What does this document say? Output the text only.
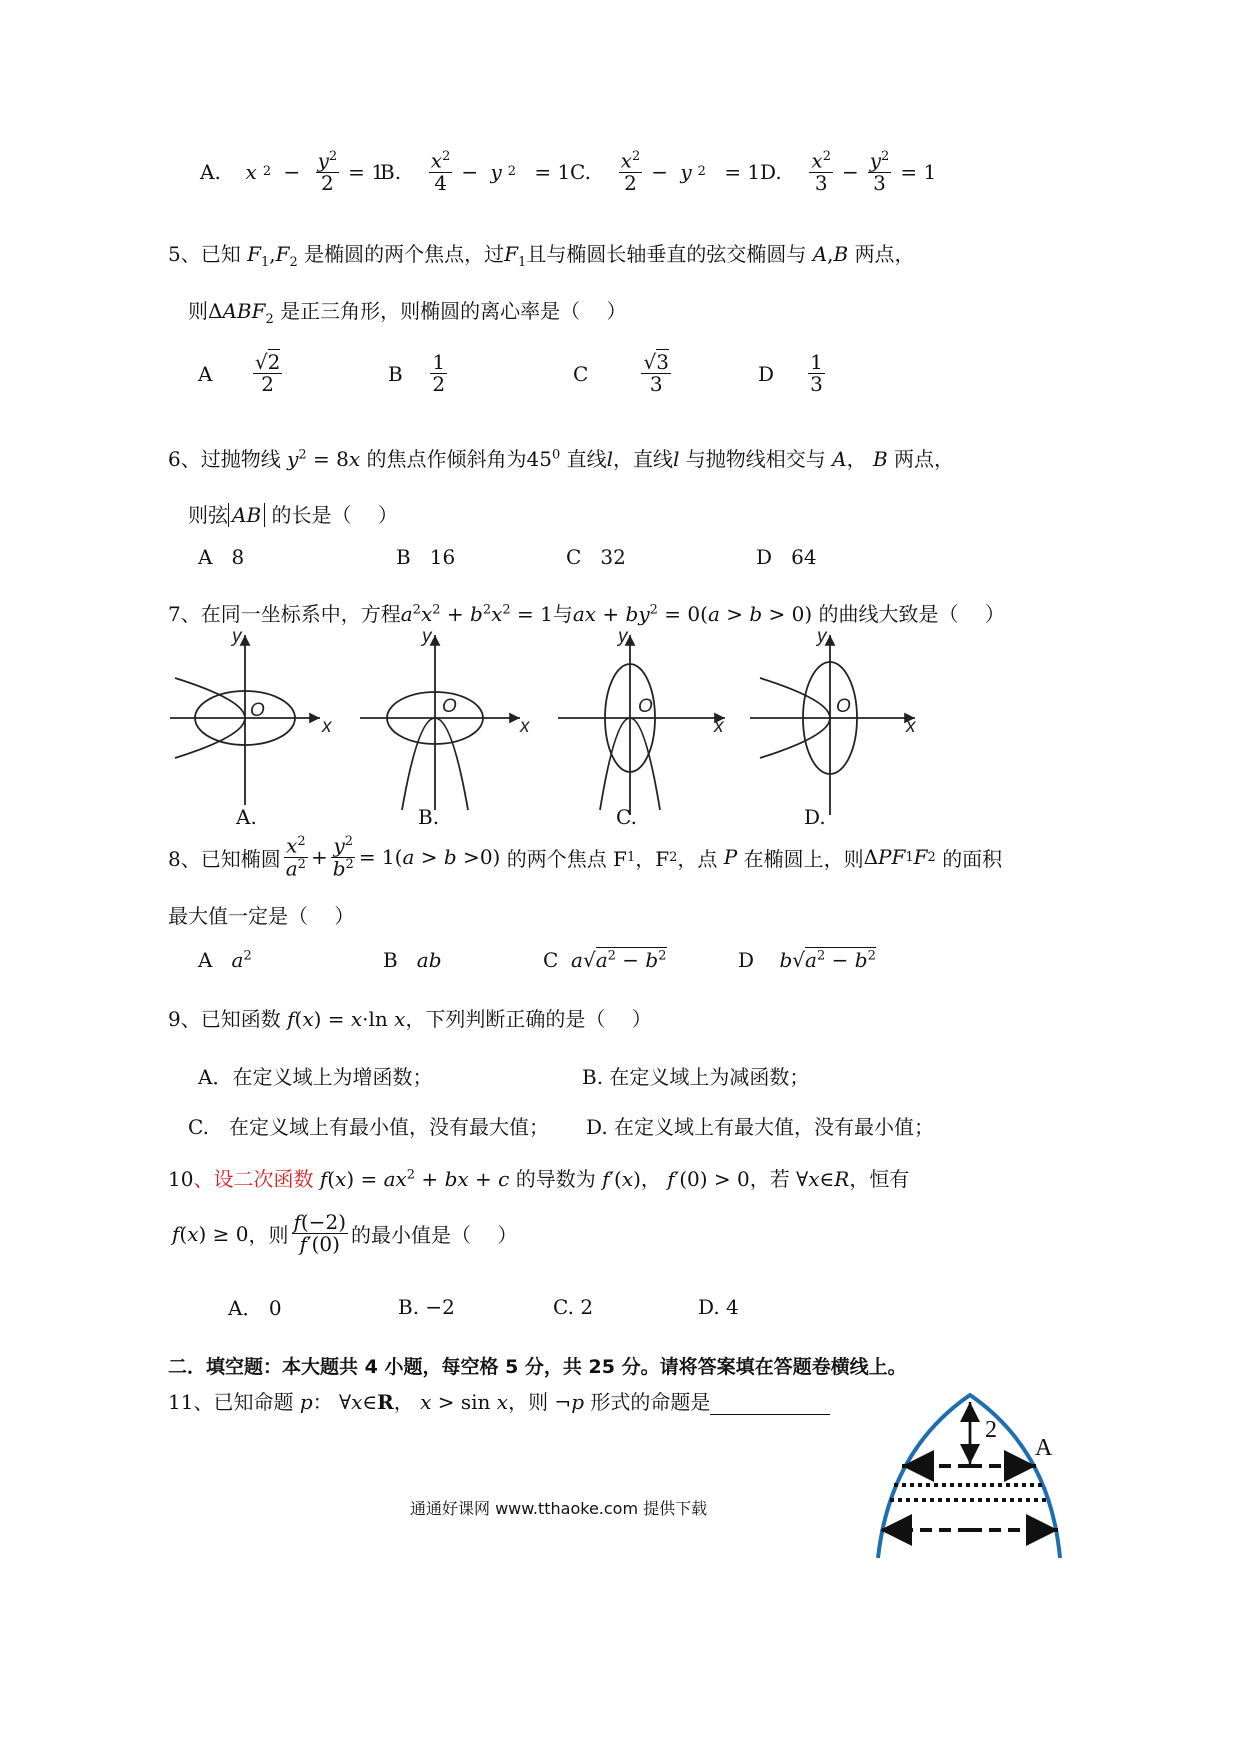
A.
x $2 - \frac{y^2}{2} = 1$
B.
$\frac{x^2}{4} - y$ 2
= 1 C.
$\frac{x^2}{2} - y$ 2
= 1 D.
$\frac{x^2}{3} - \frac{y^2}{3} = 1$
5、已知 $F_1,F_2$ 是椭圆的两个焦点，过$F_1$且与椭圆长轴垂直的弦交椭圆与 A,B 两点，
则$\Delta ABF_2$ 是正三角形，则椭圆的离心率是（　 ）
A
$\frac{√2}{2}$	B
$\frac{1}{2}$	C
	$\frac{√3}{3}$	D
$\frac{1}{3}$
6、过抛物线 $y^2 = 8x$ 的焦点作倾斜角为$45^0$ 直线l，直线l 与抛物线相交与 A， B 两点，
则弦 AB 的长是（　 ）
A 8	B 16	C 32	D 64
7、在同一坐标系中，方程$a^2x^2 + b^2x^2 = 1$与ax + $by^2 = 0(a > b > 0)$ 的曲线大致是（　 ）
y
x
O
y
x
O
y
x
O
y
x
O
A.	B.	C.	D.
8、已知椭圆 $\frac{x^2}{a^2} + \frac{y^2}{b^2} = 1$( a > b >0) 的两个焦点 F 1 ，F 2 ，点
P
在椭圆上，则 Δ PF 1 F 2
的面积
最大值一定是（　 ）
A $a^2$	B ab	C $a√a^2 - b^2$	D $b√a^2 - b^2$
9、已知函数 f(x) = x·ln x，下列判断正确的是（　 ）
A．在定义域上为增函数；	B. 在定义域上为减函数；
C.　在定义域上有最小值，没有最大值； D. 在定义域上有最大值，没有最小值；
10、设二次函数 $f(x) = ax^2$ + bx + c 的导数为 f′(x)， f′(0) > 0，若 ∀x∈R，恒有
f ( x ) ≥ 0 ，则 $\frac{f(-2)}{f'(0)}$ 的最小值是（　 ）
A． 0	B. −2	C. 2	D. 4
二．填空题：本大题共 4 小题，每空格 5 分，共 25 分。请将答案填在答题卷横线上。
11、已知命题 p： ∀x∈R， x > sin x，则 ¬p 形式的命题是
2
A
通通好课网 www.tthaoke.com 提供下载
